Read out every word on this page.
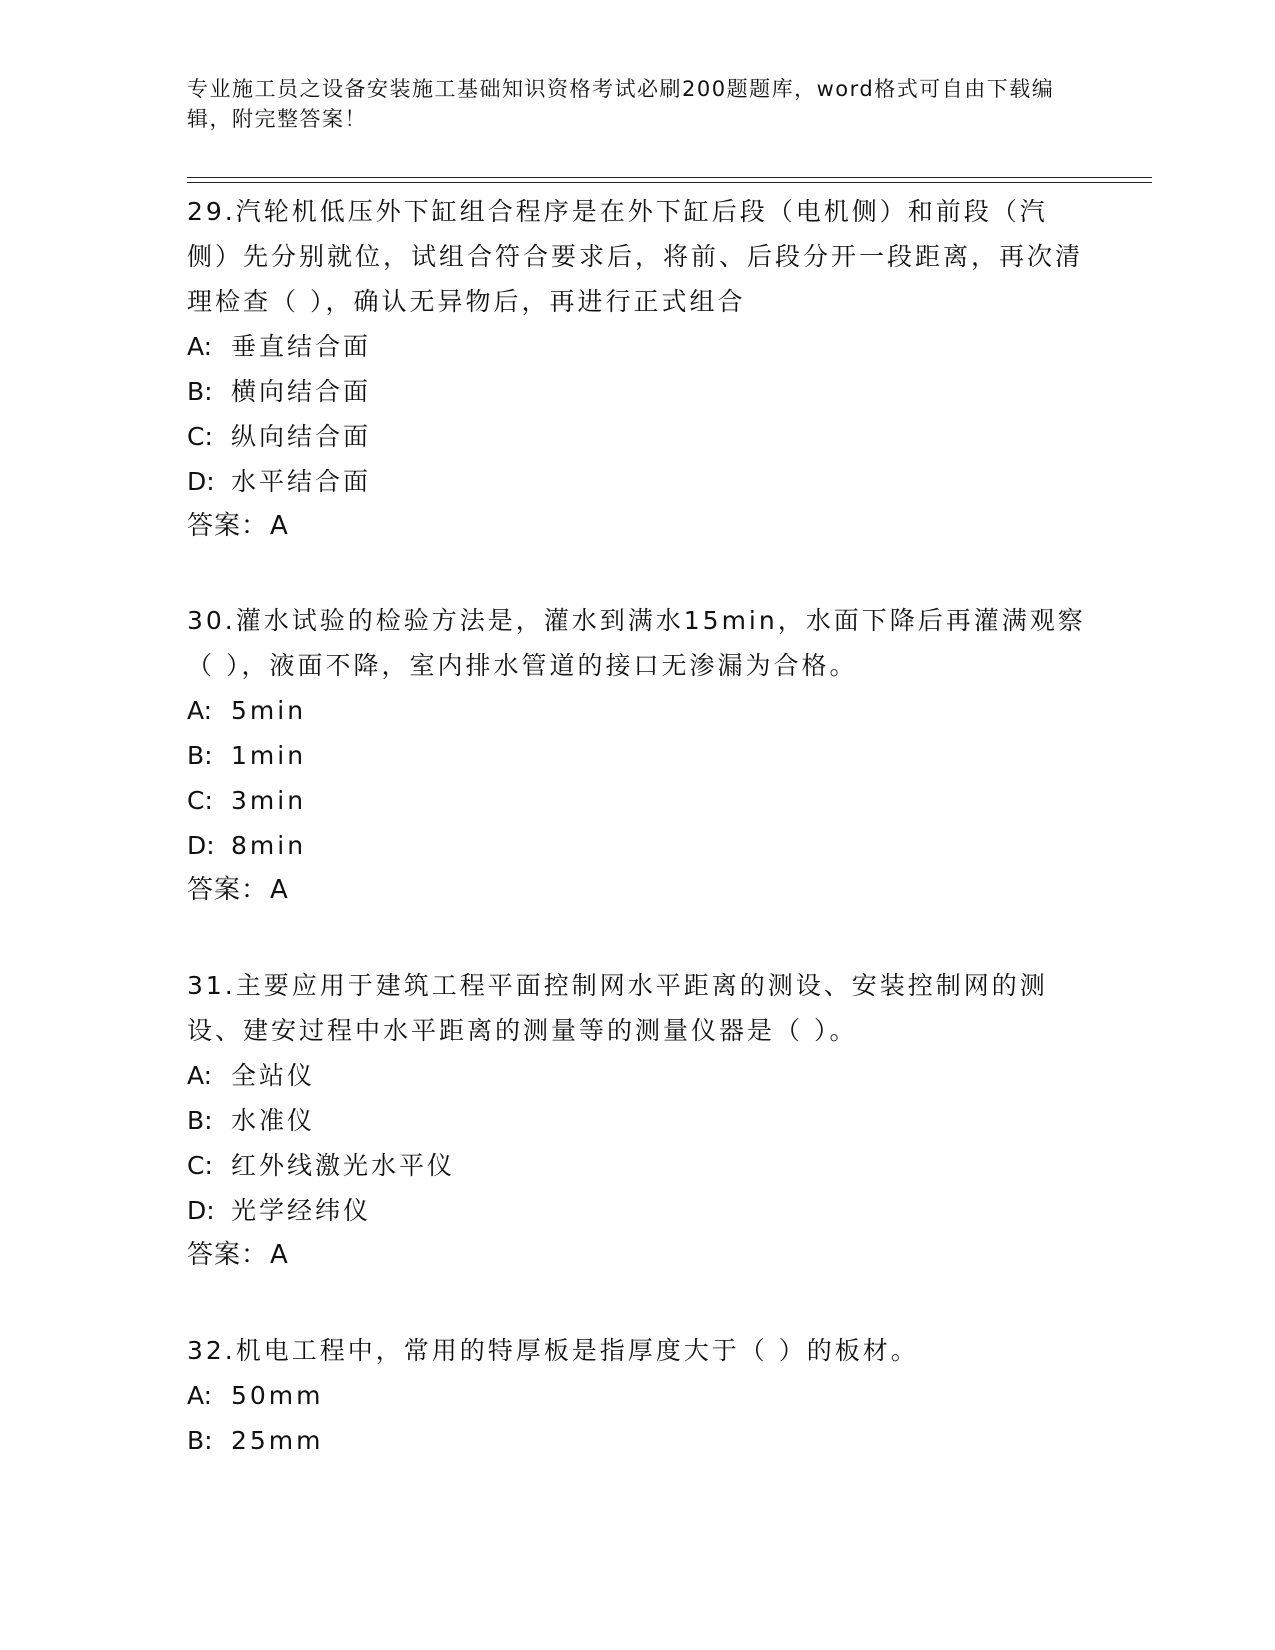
专业施工员之设备安装施工基础知识资格考试必刷200题题库，word格式可自由下载编辑，附完整答案！

29.汽轮机低压外下缸组合程序是在外下缸后段（电机侧）和前段（汽侧）先分别就位，试组合符合要求后，将前、后段分开一段距离，再次清理检查（ ），确认无异物后，再进行正式组合

A: 垂直结合面

B: 横向结合面

C: 纵向结合面

D: 水平结合面

答案：A

30.灌水试验的检验方法是，灌水到满水15min，水面下降后再灌满观察（ ），液面不降，室内排水管道的接口无渗漏为合格。

A: 5min

B: 1min

C: 3min

D: 8min

答案：A

31.主要应用于建筑工程平面控制网水平距离的测设、安装控制网的测设、建安过程中水平距离的测量等的测量仪器是（ ）。

A: 全站仪

B: 水准仪

C: 红外线激光水平仪

D: 光学经纬仪

答案：A

32.机电工程中，常用的特厚板是指厚度大于（ ）的板材。

A: 50mm

B: 25mm
